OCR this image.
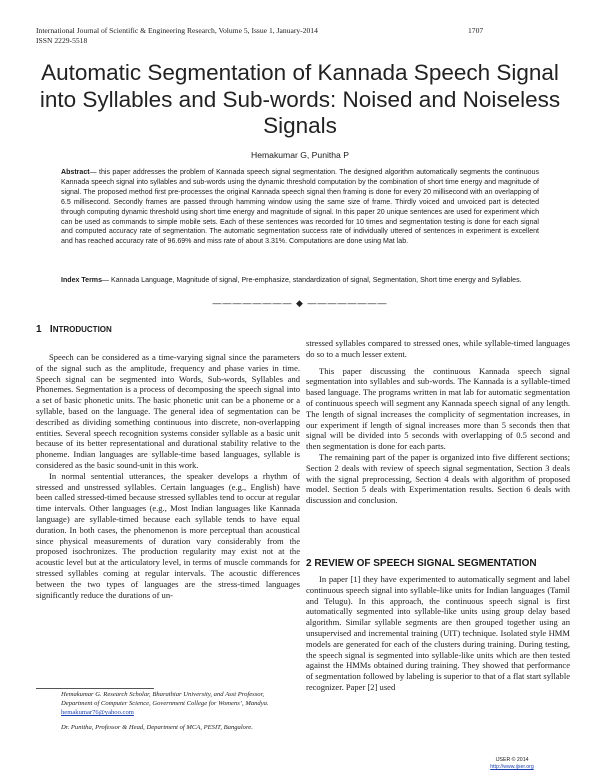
International Journal of Scientific & Engineering Research, Volume 5, Issue 1, January-2014
ISSN 2229-5518
1707
Automatic Segmentation of Kannada Speech Signal into Syllables and Sub-words: Noised and Noiseless Signals
Hemakumar G, Punitha P
Abstract— this paper addresses the problem of Kannada speech signal segmentation. The designed algorithm automatically segments the continuous Kannada speech signal into syllables and sub-words using the dynamic threshold computation by the combination of short time energy and magnitude of signal. The proposed method first pre-processes the original Kannada speech signal then framing is done for every 20 millisecond with an overlapping of 6.5 millisecond. Secondly frames are passed through hamming window using the same size of frame. Thirdly voiced and unvoiced part is detected through computing dynamic threshold using short time energy and magnitude of signal. In this paper 20 unique sentences are used for experiment which can be used as commands to simple mobile sets. Each of these sentences was recorded for 10 times and segmentation testing is done for each signal and computed accuracy rate of segmentation. The automatic segmentation success rate of individually uttered of sentences in experiment is excellent and has reached accuracy rate of 96.69% and miss rate of about 3.31%. Computations are done using Mat lab.
Index Terms— Kannada Language, Magnitude of signal, Pre-emphasize, standardization of signal, Segmentation, Short time energy and Syllables.
———————— ◆ ————————
1 INTRODUCTION

Speech can be considered as a time-varying signal since the parameters of the signal such as the amplitude, frequency and phase varies in time. Speech signal can be segmented into Words, Sub-words, Syllables and Phonemes. Segmentation is a process of decomposing the speech signal into a set of basic phonetic units. The basic phonetic unit can be a phoneme or a syllable, based on the language. The general idea of segmentation can be described as dividing something continuous into discrete, non-overlapping entities. Several speech recognition systems consider syllable as a basic unit because of its better representational and durational stability relative to the phoneme. Indian languages are syllable-time based languages, syllable is considered as the basic sound-unit in this work.

In normal sentential utterances, the speaker develops a rhythm of stressed and unstressed syllables. Certain languages (e.g., English) have been called stressed-timed because stressed syllables tend to occur at regular time intervals. Other languages (e.g., Most Indian languages like Kannada language) are syllable-timed because each syllable tends to have equal duration. In both cases, the phenomenon is more perceptual than acoustical since physical measurements of duration vary considerably from the proposed isochronizes. The production regularity may exist not at the acoustic level but at the articulatory level, in terms of muscle commands for stressed syllables coming at regular intervals. The acoustic differences between the two types of languages are the stress-timed languages significantly reduce the durations of un-

stressed syllables compared to stressed ones, while syllable-timed languages do so to a much lesser extent.

This paper discussing the continuous Kannada speech signal segmentation into syllables and sub-words. The Kannada is a syllable-timed based language. The programs written in mat lab for automatic segmentation of continuous speech will segment any Kannada speech signal of any length. The length of signal increases the complicity of segmentation increases, in our experiment if length of signal increases more than 5 seconds then that signal will be divided into 5 seconds with overlapping of 0.5 second and then segmentation is done for each parts.

The remaining part of the paper is organized into five different sections; Section 2 deals with review of speech signal segmentation, Section 3 deals with the signal preprocessing, Section 4 deals with algorithm of proposed model. Section 5 deals with Experimentation results. Section 6 deals with discussion and conclusion.

2 REVIEW OF SPEECH SIGNAL SEGMENTATION

In paper [1] they have experimented to automatically segment and label continuous speech signal into syllable-like units for Indian languages (Tamil and Telugu). In this approach, the continuous speech signal is first automatically segmented into syllable-like units using group delay based algorithm. Similar syllable segments are then grouped together using an unsupervised and incremental training (UIT) technique. Isolated style HMM models are generated for each of the clusters during training. During testing, the speech signal is segmented into syllable-like units which are then tested against the HMMs obtained during training. They showed that performance of segmentation followed by labeling is superior to that of a flat start syllable recognizer. Paper [2] used

Hemakumar G. Research Scholar, Bharathiar University, and Asst Professor, Department of Computer Science, Government College for Womens’, Mandya. hemakumar76@yahoo.com
Dr. Punitha, Professor & Head, Department of MCA, PESIT, Bangalore.
IJSER © 2014
http://www.ijser.org
